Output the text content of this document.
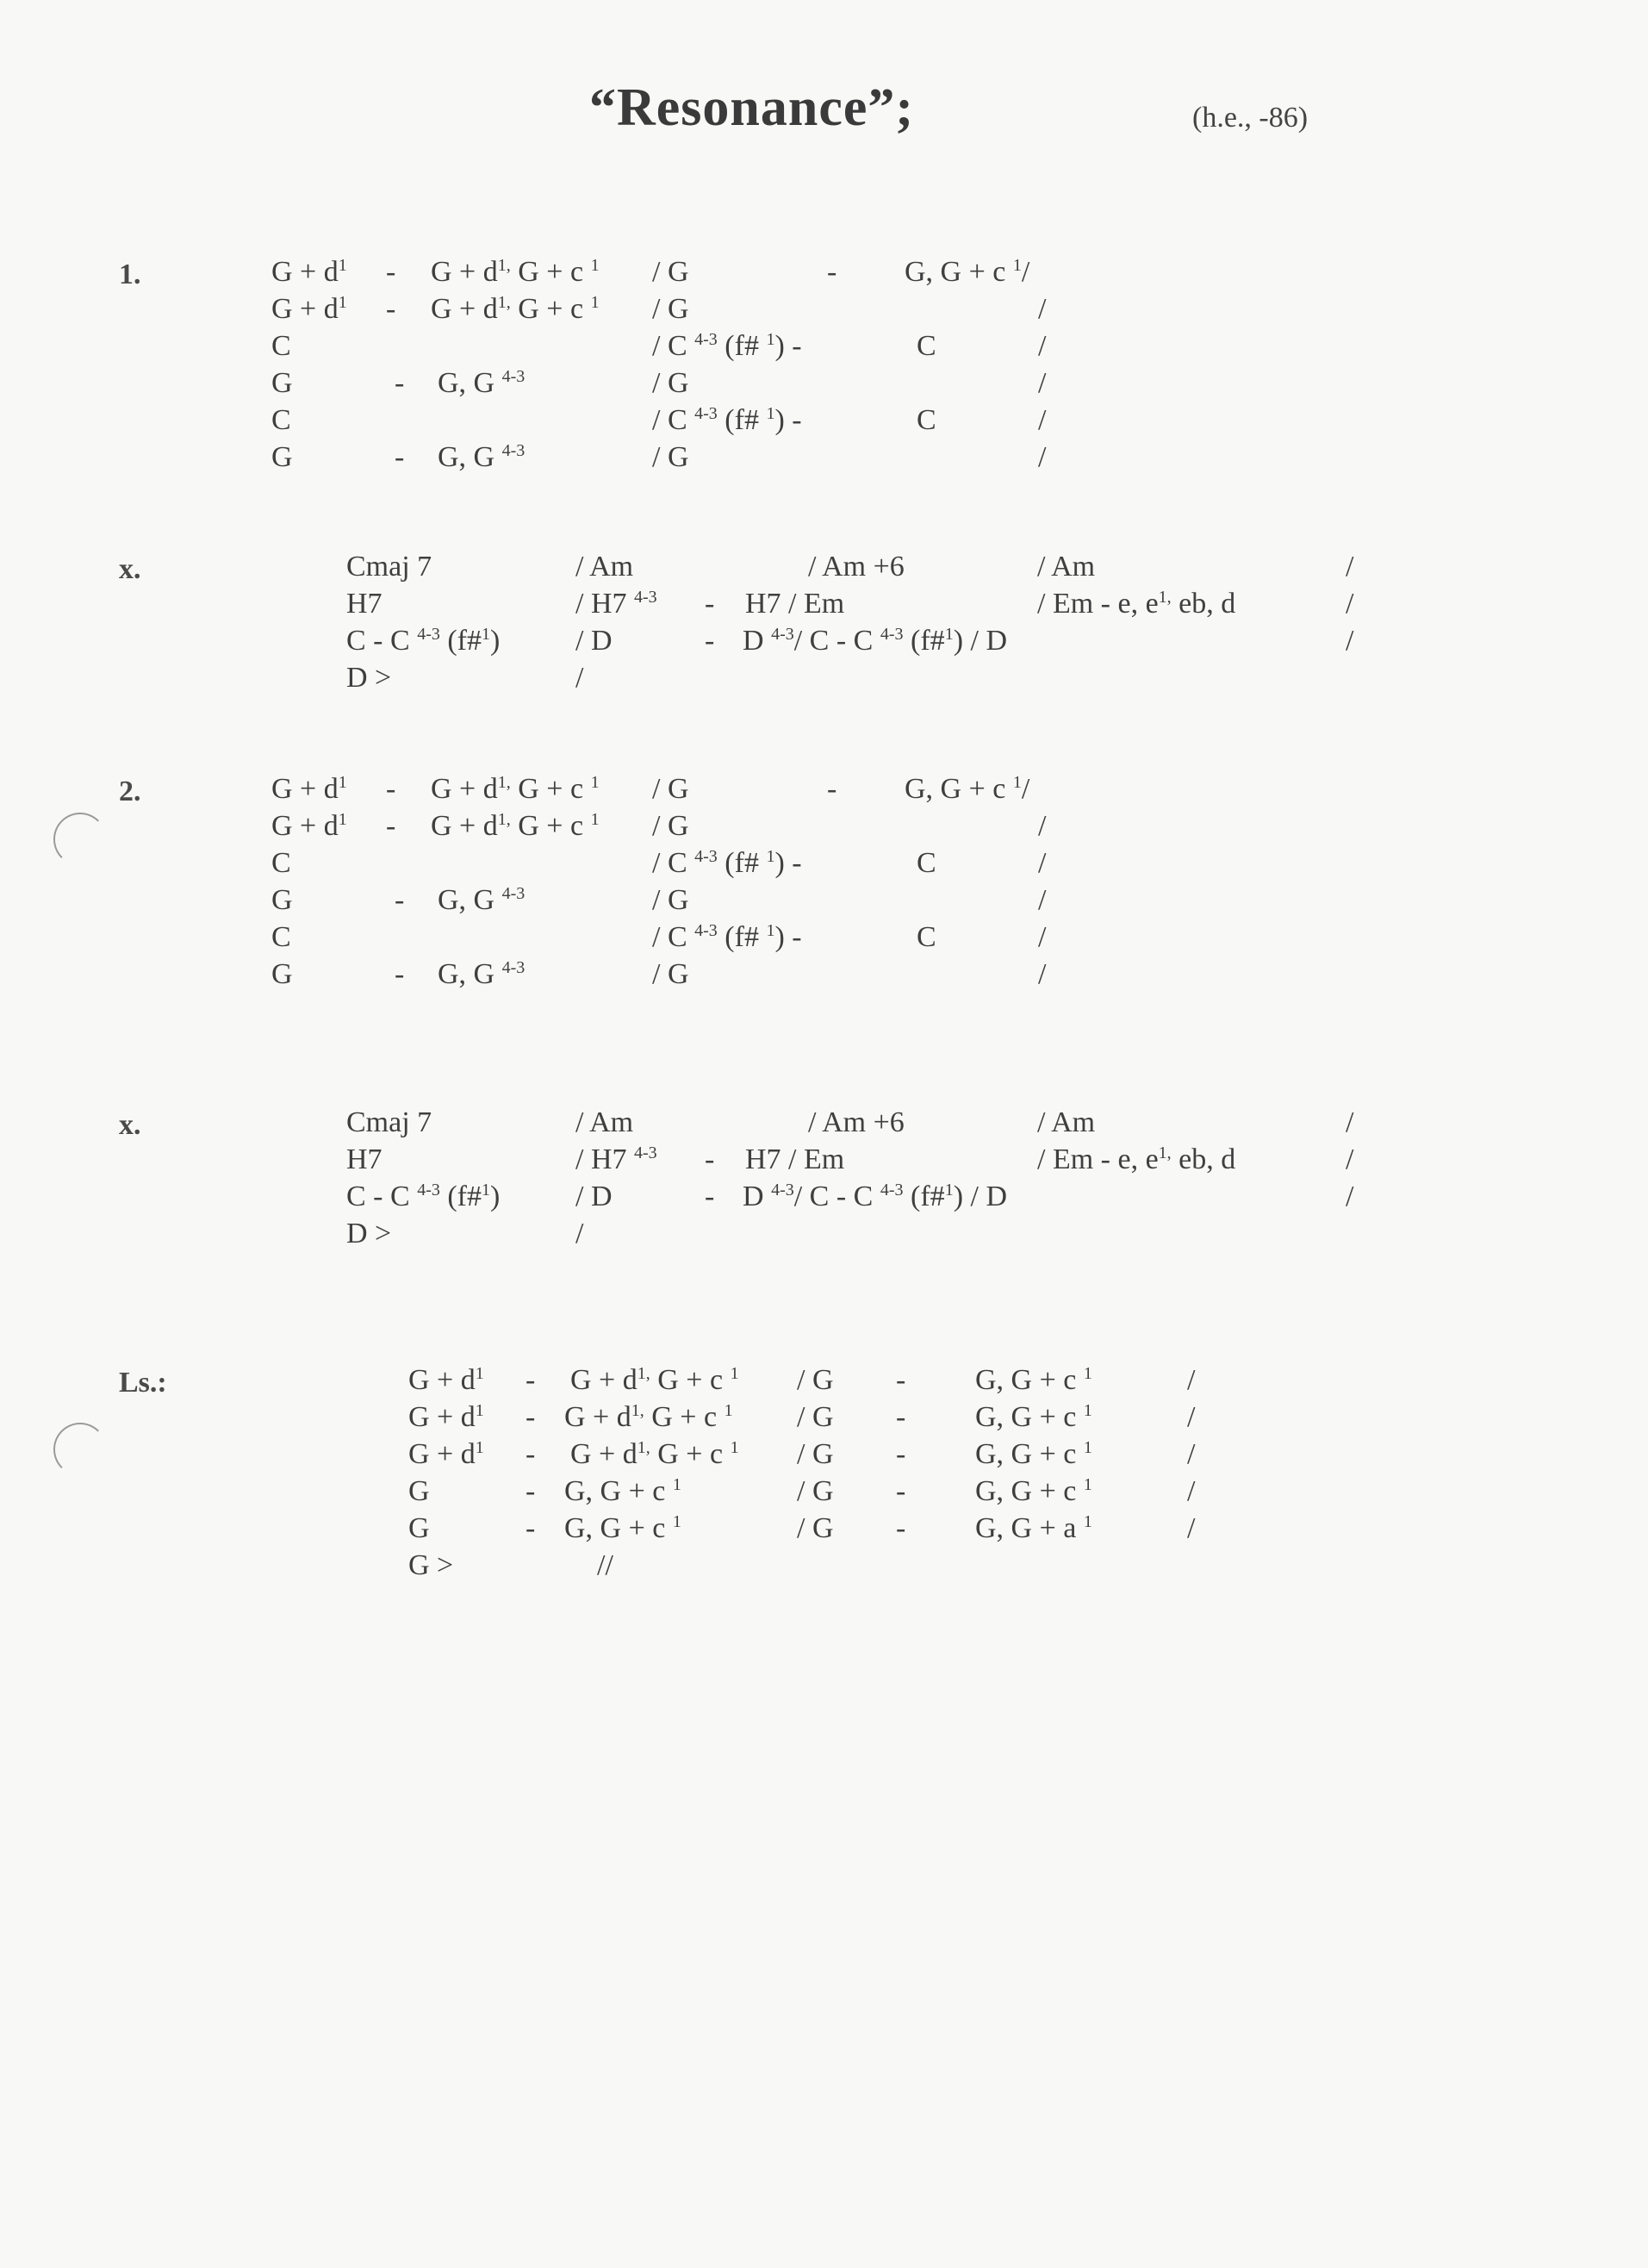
“Resonance”;	(h.e., -86)
1.	$G + d^1 - G + d^{1,}$ G + c $^1$ / G	- G, G + c $^1$/
$G + d^1 - G + d^{1,}$ G + c $^1$ / G	/
C	/ C $^{4-3}$ (f# $^1$) -	C	/
G	- G, G $^{4-3}$	/ G	/
C	/ C $^{4-3}$ (f# $^1$) -	C	/
G	- G, G $^{4-3}$	/ G	/
x.	Cmaj 7	/ Am	/ Am +6	/ Am	/
H7	/ H7 $^{4-3}$ - H7 / Em	/ Em - e, $e^{1,}$ eb, d	/
C - C $^{4-3}$ (f#$^1$)	/ D	- D $^{4-3}$/ C - C $^{4-3}$ (f#$^1$) / D	/
D >	/
2.	$G + d^1 - G + d^{1,}$ G + c $^1$ / G	- G, G + c $^1$/
$G + d^1 - G + d^{1,}$ G + c $^1$ / G	/
C	/ C $^{4-3}$ (f# $^1$) -	C	/
G	- G, G $^{4-3}$	/ G	/
C	/ C $^{4-3}$ (f# $^1$) -	C	/
G	- G, G $^{4-3}$	/ G	/
x.	Cmaj 7	/ Am	/ Am +6	/ Am	/
H7	/ H7 $^{4-3}$ - H7 / Em	/ Em - e, $e^{1,}$ eb, d	/
C - C $^{4-3}$ (f#$^1$)	/ D	- D $^{4-3}$/ C - C $^{4-3}$ (f#$^1$) / D	/
D >	/
Ls.:	$G + d^1 - G + d^{1,}$ G + c $^1$ / G - G, G + c $^1$	/
$G + d^1 - G + d^{1,}$ G + c $^1$ / G - G, G + c $^1$	/
$G + d^1 - G + d^{1,}$ G + c $^1$ / G - G, G + c $^1$	/
G	- G, G + c $^1$	/ G - G, G + c $^1$	/
G	- G, G + c $^1$	/ G - G, G + a $^1$	/
G >	//
